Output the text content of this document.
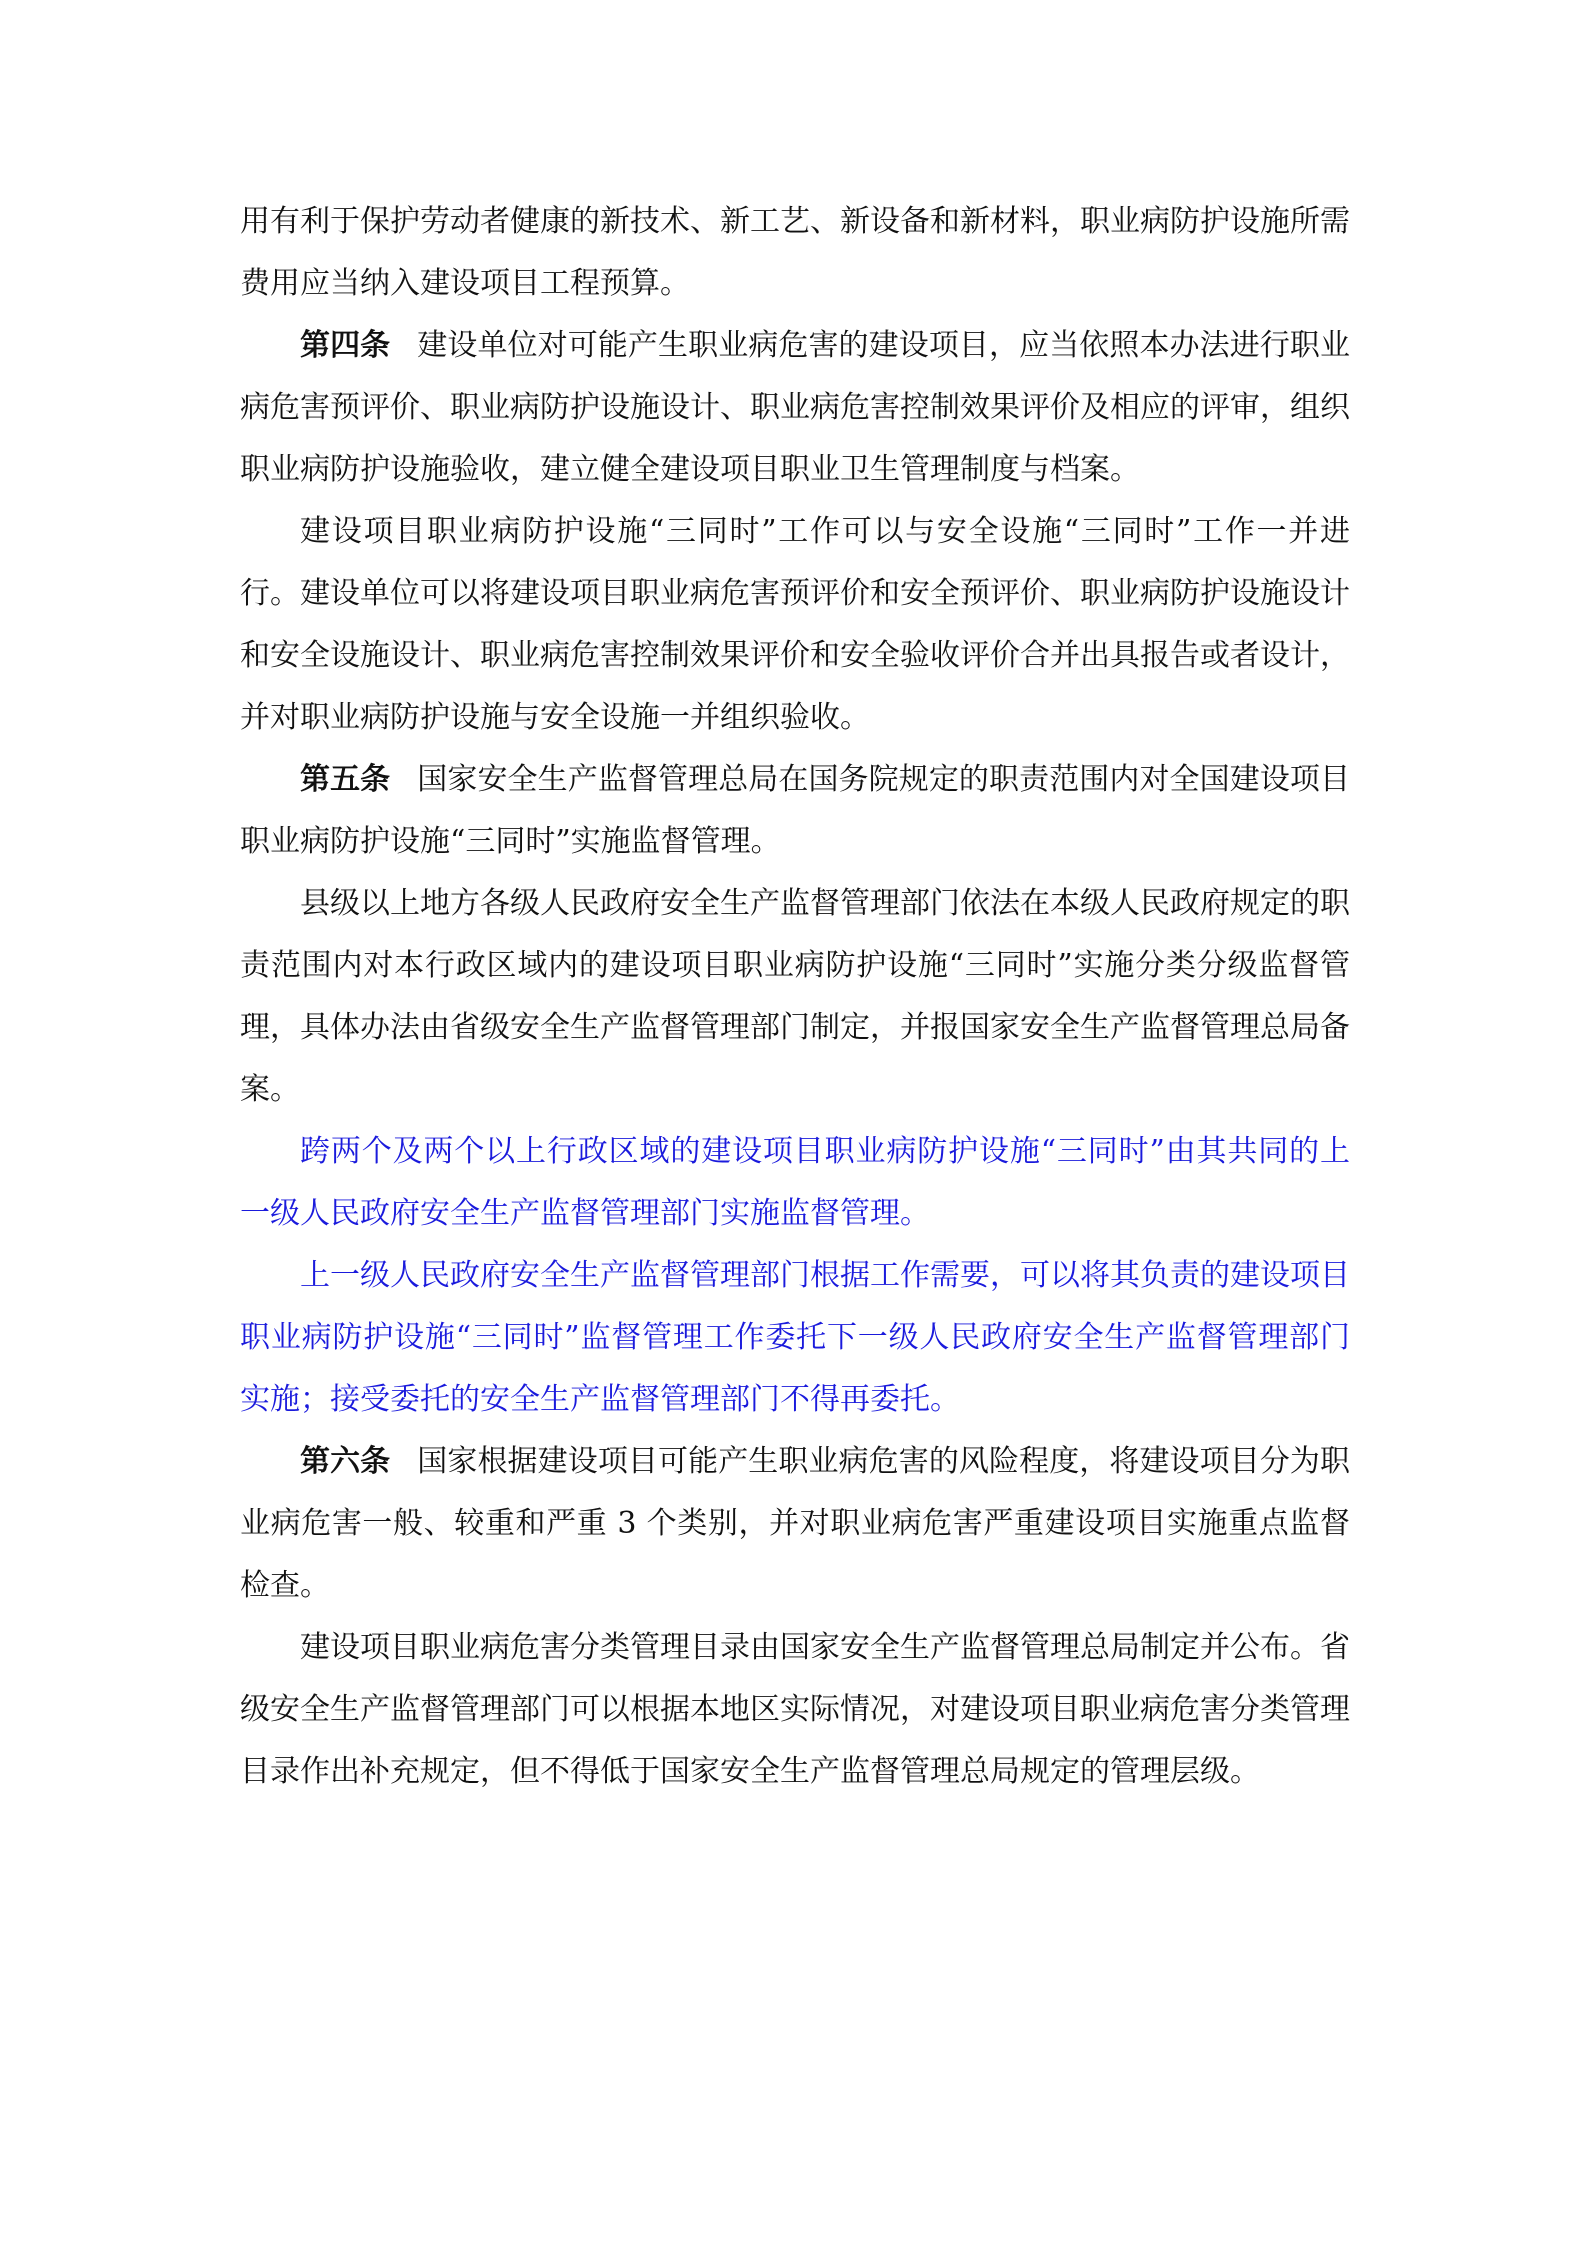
用有利于保护劳动者健康的新技术、新工艺、新设备和新材料，职业病防护设施所需费用应当纳入建设项目工程预算。

第四条 建设单位对可能产生职业病危害的建设项目，应当依照本办法进行职业病危害预评价、职业病防护设施设计、职业病危害控制效果评价及相应的评审，组织职业病防护设施验收，建立健全建设项目职业卫生管理制度与档案。

建设项目职业病防护设施“三同时”工作可以与安全设施“三同时”工作一并进行。建设单位可以将建设项目职业病危害预评价和安全预评价、职业病防护设施设计和安全设施设计、职业病危害控制效果评价和安全验收评价合并出具报告或者设计，并对职业病防护设施与安全设施一并组织验收。

第五条 国家安全生产监督管理总局在国务院规定的职责范围内对全国建设项目职业病防护设施“三同时”实施监督管理。

县级以上地方各级人民政府安全生产监督管理部门依法在本级人民政府规定的职责范围内对本行政区域内的建设项目职业病防护设施“三同时”实施分类分级监督管理，具体办法由省级安全生产监督管理部门制定，并报国家安全生产监督管理总局备案。

跨两个及两个以上行政区域的建设项目职业病防护设施“三同时”由其共同的上一级人民政府安全生产监督管理部门实施监督管理。

上一级人民政府安全生产监督管理部门根据工作需要，可以将其负责的建设项目职业病防护设施“三同时”监督管理工作委托下一级人民政府安全生产监督管理部门实施；接受委托的安全生产监督管理部门不得再委托。

第六条 国家根据建设项目可能产生职业病危害的风险程度，将建设项目分为职业病危害一般、较重和严重 3 个类别，并对职业病危害严重建设项目实施重点监督检查。

建设项目职业病危害分类管理目录由国家安全生产监督管理总局制定并公布。省级安全生产监督管理部门可以根据本地区实际情况，对建设项目职业病危害分类管理目录作出补充规定，但不得低于国家安全生产监督管理总局规定的管理层级。
